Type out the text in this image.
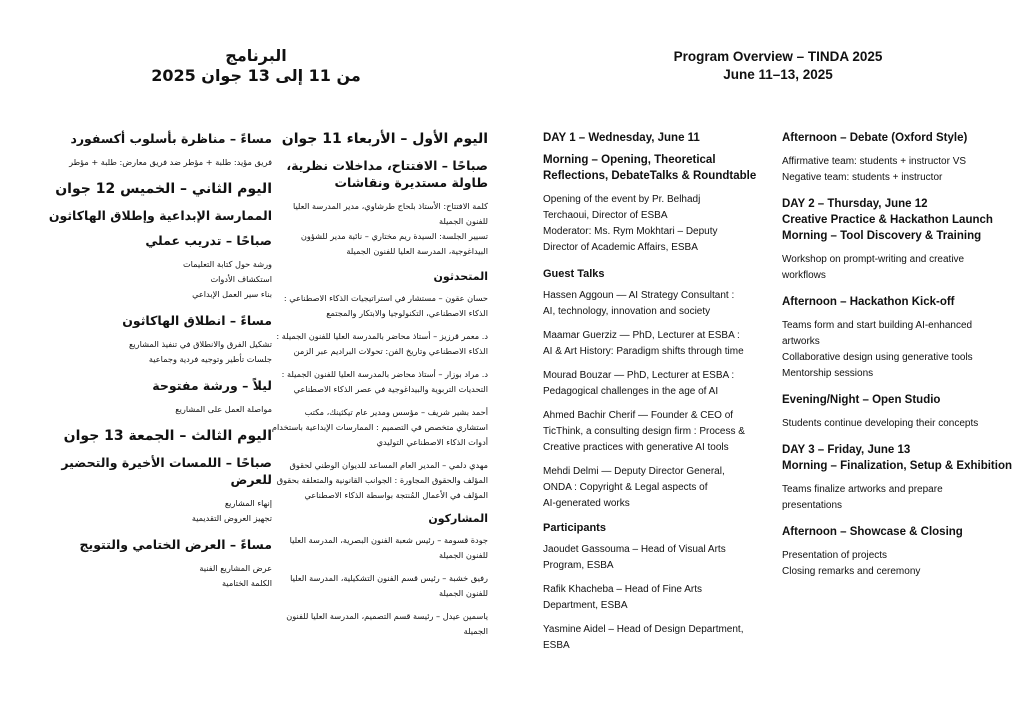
البرنامج
من 11 إلى 13 جوان 2025
اليوم الأول – الأربعاء 11 جوان
صباحًا – الافتتاح، مداخلات نظرية، طاولة مستديرة ونقاشات
كلمة الافتتاح: الأستاذ بلحاج طرشاوي، مدير المدرسة العليا
للفنون الجميلة
تسيير الجلسة: السيدة ريم مختاري – نائبة مدير للشؤون
البيداغوجية، المدرسة العليا للفنون الجميلة
المتحدثون
حسان عقون – مستشار في استراتيجيات الذكاء الاصطناعي :
الذكاء الاصطناعي، التكنولوجيا والابتكار والمجتمع
د. معمر قرزيز – أستاذ محاضر بالمدرسة العليا للفنون الجميلة :
الذكاء الاصطناعي وتاريخ الفن: تحولات البراديم عبر الزمن
د. مراد بوزار – أستاذ محاضر بالمدرسة العليا للفنون الجميلة :
التحديات التربوية والبيداغوجية في عصر الذكاء الاصطناعي
أحمد بشير شريف – مؤسس ومدير عام تيكثينك، مكتب
استشاري متخصص في التصميم : الممارسات الإبداعية باستخدام
أدوات الذكاء الاصطناعي التوليدي
مهدي دلمي – المدير العام المساعد للديوان الوطني لحقوق
المؤلف والحقوق المجاورة : الجوانب القانونية والمتعلقة بحقوق
المؤلف في الأعمال المُنتجة بواسطة الذكاء الاصطناعي
المشاركون
جودة قسومة – رئيس شعبة الفنون البصرية، المدرسة العليا
للفنون الجميلة
رفيق خشبة – رئيس قسم الفنون التشكيلية، المدرسة العليا
للفنون الجميلة
ياسمين عيدل – رئيسة قسم التصميم، المدرسة العليا للفنون
الجميلة
مساءً – مناظرة بأسلوب أكسفورد
فريق مؤيد: طلبة + مؤطر ضد فريق معارض: طلبة + مؤطر
اليوم الثاني – الخميس 12 جوان
الممارسة الإبداعية وإطلاق الهاكاثون
صباحًا – تدريب عملي
ورشة حول كتابة التعليمات
استكشاف الأدوات
بناء سير العمل الإبداعي
مساءً – انطلاق الهاكاثون
تشكيل الفرق والانطلاق في تنفيذ المشاريع
جلسات تأطير وتوجيه فردية وجماعية
ليلاً – ورشة مفتوحة
مواصلة العمل على المشاريع
اليوم الثالث – الجمعة 13 جوان
صباحًا – اللمسات الأخيرة والتحضير للعرض
إنهاء المشاريع
تجهيز العروض التقديمية
مساءً – العرض الختامي والتتويج
عرض المشاريع الفنية
الكلمة الختامية
Program Overview – TINDA 2025
June 11–13, 2025
DAY 1 – Wednesday, June 11
Morning – Opening, Theoretical Reflections, DebateTalks & Roundtable
Opening of the event by Pr. Belhadj
Terchaoui, Director of ESBA
Moderator: Ms. Rym Mokhtari – Deputy
Director of Academic Affairs, ESBA
Guest Talks
Hassen Aggoun — AI Strategy Consultant :
AI, technology, innovation and society
Maamar Guerziz — PhD, Lecturer at ESBA :
AI & Art History: Paradigm shifts through time
Mourad Bouzar — PhD, Lecturer at ESBA :
Pedagogical challenges in the age of AI
Ahmed Bachir Cherif — Founder & CEO of
TicThink, a consulting design firm : Process &
Creative practices with generative AI tools
Mehdi Delmi — Deputy Director General,
ONDA : Copyright & Legal aspects of
AI-generated works
Participants
Jaoudet Gassouma – Head of Visual Arts
Program, ESBA
Rafik Khacheba – Head of Fine Arts
Department, ESBA
Yasmine Aidel – Head of Design Department,
ESBA
Afternoon – Debate (Oxford Style)
Affirmative team: students + instructor VS
Negative team: students + instructor
DAY 2 – Thursday, June 12
Creative Practice & Hackathon Launch
Morning – Tool Discovery & Training
Workshop on prompt-writing and creative
workflows
Afternoon – Hackathon Kick-off
Teams form and start building AI-enhanced
artworks
Collaborative design using generative tools
Mentorship sessions
Evening/Night – Open Studio
Students continue developing their concepts
DAY 3 – Friday, June 13
Morning – Finalization, Setup & Exhibition
Teams finalize artworks and prepare
presentations
Afternoon – Showcase & Closing
Presentation of projects
Closing remarks and ceremony
